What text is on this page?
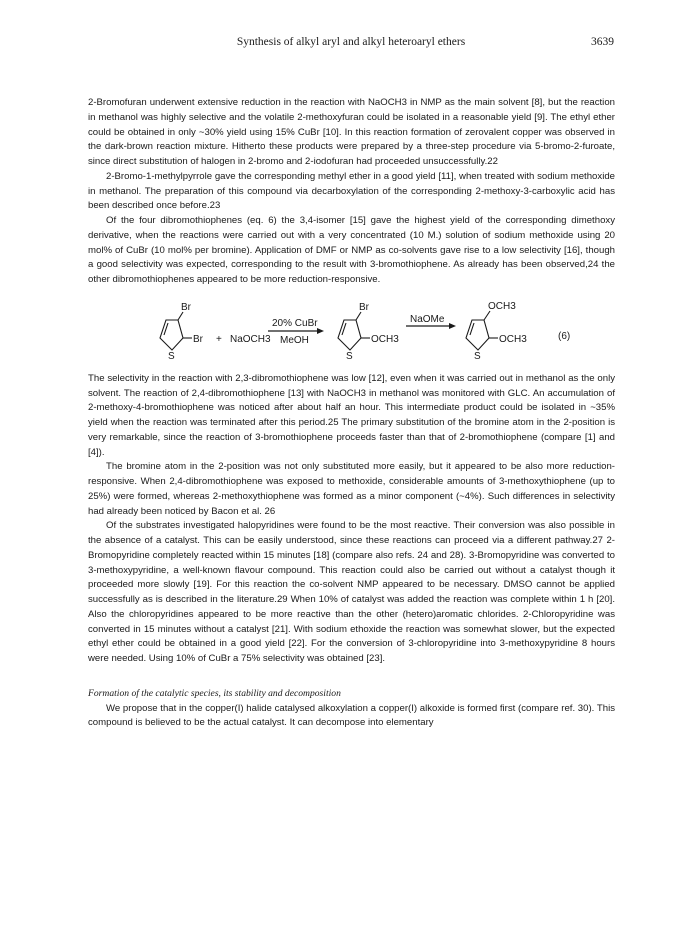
Synthesis of alkyl aryl and alkyl heteroaryl ethers	3639

2-Bromofuran underwent extensive reduction in the reaction with NaOCH3 in NMP as the main solvent [8], but the reaction in methanol was highly selective and the volatile 2-methoxyfuran could be isolated in a reasonable yield [9]. The ethyl ether could be obtained in only ~30% yield using 15% CuBr [10]. In this reaction formation of zerovalent copper was observed in the dark-brown reaction mixture. Hitherto these products were prepared by a three-step procedure via 5-bromo-2-furoate, since direct substitution of halogen in 2-bromo and 2-iodofuran had proceeded unsuccessfully.22

2-Bromo-1-methylpyrrole gave the corresponding methyl ether in a good yield [11], when treated with sodium methoxide in methanol. The preparation of this compound via decarboxylation of the corresponding 2-methoxy-3-carboxylic acid has been described once before.23

Of the four dibromothiophenes (eq. 6) the 3,4-isomer [15] gave the highest yield of the corresponding dimethoxy derivative, when the reactions were carried out with a very concentrated (10 M.) solution of sodium methoxide using 20 mol% of CuBr (10 mol% per bromine). Application of DMF or NMP as co-solvents gave rise to a low selectivity [16], though a good selectivity was expected, corresponding to the result with 3-bromothiophene. As already has been observed,24 the other dibromothiophenes appeared to be more reduction-responsive.

Br
Br
S
+ NaOCH3
20% CuBr
MeOH
Br
OCH3
S
NaOMe
OCH3
OCH3
S
(6)

The selectivity in the reaction with 2,3-dibromothiophene was low [12], even when it was carried out in methanol as the only solvent. The reaction of 2,4-dibromothiophene [13] with NaOCH3 in methanol was monitored with GLC. An accumulation of 2-methoxy-4-bromothiophene was noticed after about half an hour. This intermediate product could be isolated in ~35% yield when the reaction was terminated after this period.25 The primary substitution of the bromine atom in the 2-position is very remarkable, since the reaction of 3-bromothiophene proceeds faster than that of 2-bromothiophene (compare [1] and [4]).

The bromine atom in the 2-position was not only substituted more easily, but it appeared to be also more reduction-responsive. When 2,4-dibromothiophene was exposed to methoxide, considerable amounts of 3-methoxythiophene (up to 25%) were formed, whereas 2-methoxythiophene was formed as a minor component (~4%). Such differences in selectivity had already been noticed by Bacon et al. 26

Of the substrates investigated halopyridines were found to be the most reactive. Their conversion was also possible in the absence of a catalyst. This can be easily understood, since these reactions can proceed via a different pathway.27 2-Bromopyridine completely reacted within 15 minutes [18] (compare also refs. 24 and 28). 3-Bromopyridine was converted to 3-methoxypyridine, a well-known flavour compound. This reaction could also be carried out without a catalyst though it proceeded more slowly [19]. For this reaction the co-solvent NMP appeared to be necessary. DMSO cannot be applied successfully as is described in the literature.29 When 10% of catalyst was added the reaction was complete within 1 h [20]. Also the chloropyridines appeared to be more reactive than the other (hetero)aromatic chlorides. 2-Chloropyridine was converted in 15 minutes without a catalyst [21]. With sodium ethoxide the reaction was somewhat slower, but the expected ethyl ether could be obtained in a good yield [22]. For the conversion of 3-chloropyridine into 3-methoxypyridine 8 hours were needed. Using 10% of CuBr a 75% selectivity was obtained [23].

Formation of the catalytic species, its stability and decomposition

We propose that in the copper(I) halide catalysed alkoxylation a copper(I) alkoxide is formed first (compare ref. 30). This compound is believed to be the actual catalyst. It can decompose into elementary
